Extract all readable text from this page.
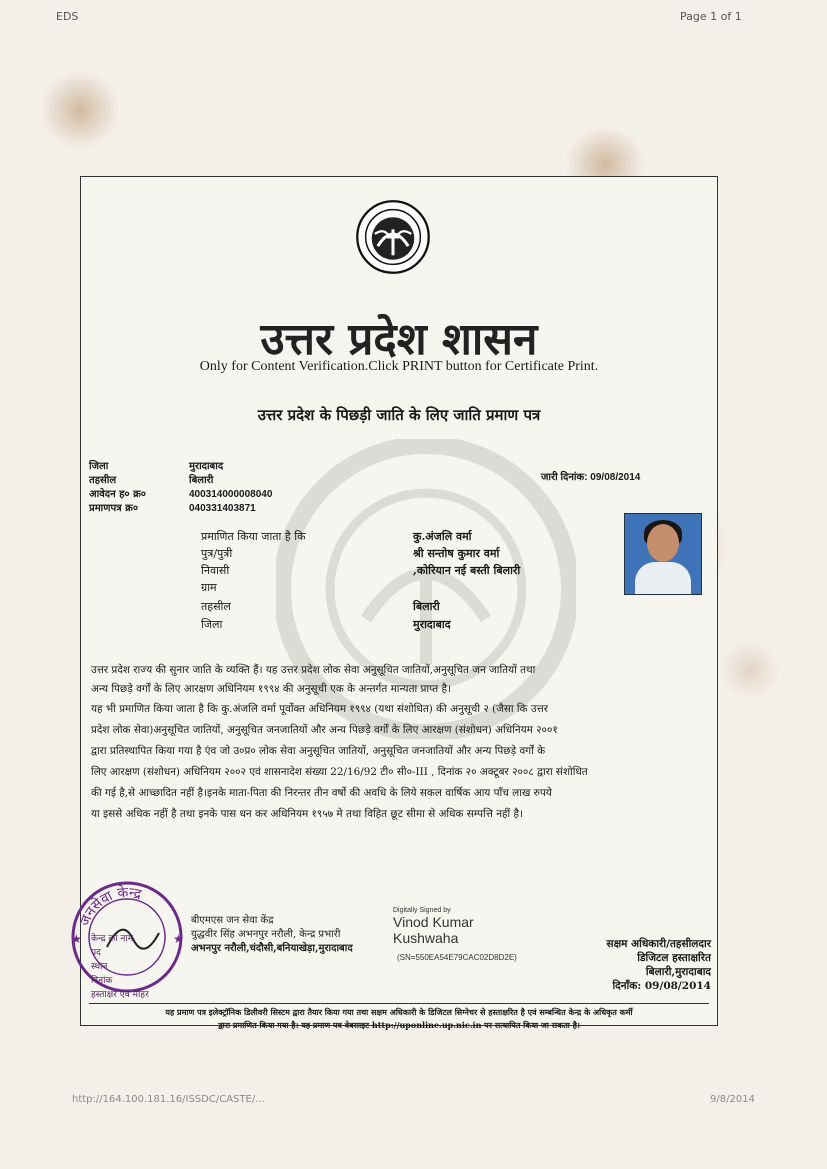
EDS	Page 1 of 1
उत्तर प्रदेश शासन
Only for Content Verification.Click PRINT button for Certificate Print.
उत्तर प्रदेश के पिछड़ी जाति के लिए जाति प्रमाण पत्र
जिला	मुरादाबाद
तहसील	बिलारी
आवेदन ह० क्र०	400314000008040
प्रमाणपत्र क्र०	040331403871
जारी दिनांक: 09/08/2014
प्रमाणित किया जाता है कि	कु.अंजलि वर्मा
पुत्र/पुत्री	श्री सन्तोष कुमार वर्मा
निवासी	,कोरियान नई बस्ती बिलारी
ग्राम
तहसील	बिलारी
जिला	मुरादाबाद
उत्तर प्रदेश राज्य की सुनार जाति के व्यक्ति हैं। यह उत्तर प्रदेश लोक सेवा अनुसूचित जातियों,अनुसूचित जन जातियों तथा
अन्य पिछड़े वर्गों के लिए आरक्षण अधिनियम १९९४ की अनुसूची एक के अन्तर्गत मान्यता प्राप्त है।
यह भी प्रमाणित किया जाता है कि कु.अंजलि वर्मा पूर्वोक्त अधिनियम १९९४ (यथा संशोधित) की अनुसूची २ (जैसा कि उत्तर
प्रदेश लोक सेवा)अनुसूचित जातियों, अनुसूचित जनजातियों और अन्य पिछड़े वर्गों के लिए आरक्षण (संशोधन) अधिनियम २००१
द्वारा प्रतिस्थापित किया गया है एंव जो उ०प्र० लोक सेवा अनुसूचित जातियों, अनुसूचित जनजातियों और अन्य पिछड़े वर्गों के
लिए आरक्षण (संशोधन) अधिनियम २००२ एवं शासनादेश संख्या 22/16/92 टी० सी०-III , दिनांक २० अक्टूबर २००८ द्वारा संशोधित
की गई है,से आच्छादित नहीं है।इनके माता-पिता की निरन्तर तीन वर्षो की अवधि के लिये सकल वार्षिक आय पाँच लाख रुपये
या इससे अधिक नहीं है तथा इनके पास धन कर अधिनियम १९५७ मे तथा विहित छूट सीमा से अधिक सम्पत्ति नहीं है।
जनसेवा केन्द्र
★	★
केन्द्र का नाम
पद
स्थान
दिनांक
हस्ताक्षर एवं मोहर
बीएमएस जन सेवा केंद्र
युद्धवीर सिंह अभनपुर नरौली, केन्द्र प्रभारी
अभनपुर नरौली,चंदौसी,बनियाखेड़ा,मुरादाबाद
Digitally Signed by
Vinod Kumar
Kushwaha
(SN=550EA54E79CAC02D8D2E)
सक्षम अधिकारी/तहसीलदार
डिजिटल हस्ताक्षरित
बिलारी,मुरादाबाद
दिनाँक: 09/08/2014
यह प्रमाण पत्र इलेक्ट्रॉनिक डिलीवरी सिस्टम द्वारा तैयार किया गया तथा सक्षम अधिकारी के डिजिटल सिग्नेचर से हस्ताक्षरित है एवं सम्बन्धित केन्द्र के अधिकृत कर्मी
द्वारा प्रमाणित किया गया है। यह प्रमाण पत्र वेबसाइट http://uponline.up.nic.in पर सत्यापित किया जा सकता है।
http://164.100.181.16/ISSDC/CASTE/...	9/8/2014
